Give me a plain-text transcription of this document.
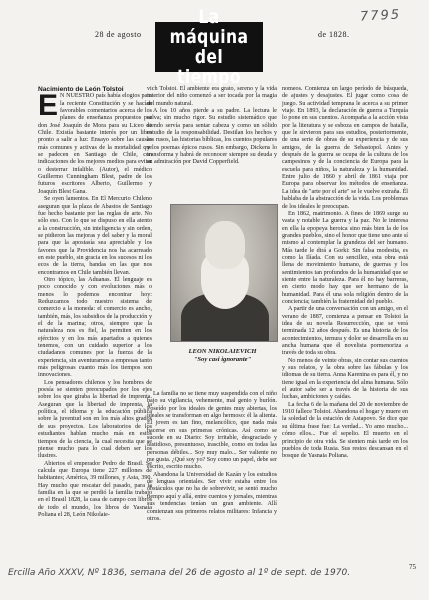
7795
28 de agosto
La máquina
del tiempo
de 1828.

Nacimiento de León Tolstoi

E N NUESTRO país había elogios para la reciente Constitución y se hacían favorables comentarios acerca de los planes de enseñanza propuestos por don José Joaquín de Mora para su Liceo de Chile. Existía bastante interés por un libro pronto a salir a luz: Ensayo sobre las causas más comunes y activas de la mortalidad que se padecen en Santiago de Chile, con indicaciones de los mejores medios para evitar o desterrar infalible. (Autor), el médico Guillermo Cunningham Blest, padre de los futuros escritores Alberto, Guillermo y Joaquín Blest Gana.

Se oyen lamentos. En El Mercurio Chileno aseguran que la plaza de Abastos de Santiago fue hecho bastante por las reglas de arte. No sólo eso. Con lo que se dispuso en ella atento a la construcción, sin inteligencia y sin orden, se pidieron las mejoras y del saber y la moral para que la apostasía sea apreciable y los favores que la Providencia nos ha acarreado en este pueblo, sin gracia en los sucesos ni los ecos de la tierra, bandas en las que nos encontramos en Chile también llevan.

Otro tópico, las Aduanas. El lenguaje es poco conocido y con evoluciones más o menos lo podemos encontrar hoy: Reduzcamos todo nuestro sistema de comercio a la moneda: el comercio es ancho, también, más, los subsidios de la producción y el de la marina; otros, siempre que la naturaleza nos es fiel, la permiten en los ejércitos y en los más apartados a quienes tenemos, con un cuidado superior a los ciudadanos comunes por la fuerza de la experiencia, sin aventurarnos a empresas tanto más peligrosas cuanto más los tiempos son innovaciones.

Los pensadores chilenos y los hombres de poesía se sienten preocupados por los ejes sobre los que giraba la libertad de imprenta. Aseguran que la libertad de imprenta, la política, el idioma y la educación pública sobre la juventud son en los más altos grados de sus proyectos. Los laboratorios de los estudiantes hablan mucho más en estos tiempos de la ciencia, la cual necesita que se piense mucho para lo cual deben ser los ilustres.

Abiertos el emperador Pedro de Brasil. Se calcula que Europa tiene 227 millones de habitantes; América, 39 millones, y Asia, 390. Hay mucho que rescatar del pasado, para la familia en la que se perdió la familia trabajo en el Brasil 1828, la casa de campo con libros de todo el mundo, los libros de Yasnaia Poliana el 28, León Nikolaie-

vich Tolstoi. El ambiente era grato, sereno y la vida interior del niño comenzó a ser tocada por la magia del mundo natural.

A los 10 años pierde a su padre. La lectura le salva; sin mucho rigor. Su estudio sistemático que siendo servía para sentar cabeza y como un sólido estudio de la responsabilidad. Destilan los hechos y los rusos, las historias bíblicas, los cuentos populares y los poemas épicos rusos. Sin embargo, Dickens lo transforma y habrá de reconocer siempre su deuda y su admiración por David Copperfield.

LEON NIKOLAIEVICH
"Soy casi ignorante"

La familia no se tiene muy suspendida con el niño bajo su vigilancia, vehemente, mal genio y burlón. Poseído por los ideales de gentes muy abiertas, los ideales se transforman en algo hermoso: él la alienta. El joven es tan fino, melancólico, que nada más hacerse en sus primeras crónicas. Así como se sucede en su Diario: Soy irritable, desgraciado y fastidioso, presuntuoso, irascible, como en todas las personas débiles... Soy muy malo... Ser valiente no me gusta. ¿Qué soy yo? Soy como un papel, debe ser escrito, escrito mucho.

Abandona la Universidad de Kazán y los estudios de lenguas orientales. Ser vivir estaba entre los obstáculos que no ha de sobrevivir, se sentó mucho tiempo aquí y allá, entre cuentos y jornales, mientras sus tendencias tenían un gran ambiente. Allí comienzan sus primeros relatos militares: Infancia y otros.

nomeos. Comienza un largo período de búsqueda, de ajustes y desajustes. El jugar como cosa de juego. Su actividad temprana le acerca a su primer viaje. En 1893, la declaración de guerra a Turquía lo pone en sus cuentos. Acompaña a la acción vista por la literatura y se esboza en campos de batalla, que le sirvieron para sus estudios, posteriormente, de una serie de obras de su experiencia y de sus amigos, de la guerra de Sebastopol. Antes y después de la guerra se ocupa de la cultura de los campesinos y de la conciencia de Europa para la escuela para niños, la naturaleza y la humanidad. Entre julio de 1860 y abril de 1861 viaja por Europa para observar los métodos de enseñanza. La idea de "arte por el arte" se le vuelve extraña. Él hablaba de la abstracción de la vida. Los problemas de los ideales le preocupan.

En 1862, matrimonio. A fines de 1869 surge su vasta y notable La guerra y la paz. No le interesa en ella la epopeya heroica sino más bien la de los grandes pueblos, sino el honor que tiene uno ante sí mismo al contemplar la grandeza del ser humano. Más tarde le dirá a Gorki: Sin falsa modestia, es como la Ilíada. Con su sencillez, esta obra está llena de movimiento humano, de guerras y los sentimientos tan profundos de la humanidad que se siente entre la naturaleza. Para él no hay barreras, en cierto modo hay que ser hermano de la humanidad. Para él una sola religión dentro de la conciencia; también la fraternidad del pueblo.

A partir de una conversación con un amigo, en el verano de 1887, comienza a pensar en Tolstoi la idea de su novela Resurrección, que se verá terminada 12 años después. Es una historia de los acontecimientos, ternura y dolor se desarrolla en su ancha humana que él novelista pormenoriza a través de toda su obra.

No menos de veinte obras, sin contar sus cuentos y sus relatos, y la obra sobre las fábulas y los idiomas de su tierra. Anna Karenina es para él, y no tiene igual en la experiencia del alma humana. Sólo el autor sabe ser a través de la historia de sus luchas, ambiciones y caídas.

La fecha 6 de la mañana del 20 de noviembre de 1910 fallece Tolstoi. Abandona el hogar y muere en la soledad de la estación de Astapovo. Se dice que su última frase fue: La verdad... Yo amo mucho... cómo ellos... Fue el sepelio. El muerto en el principio de otra vida. Se sienten más tarde en los pueblos de toda Rusia. Sus restos descansan en el bosque de Yasnaia Poliana.

75
Ercilla Año XXXV, Nº 1836, semana del 26 de agosto al 1º de sept. de 1970.
